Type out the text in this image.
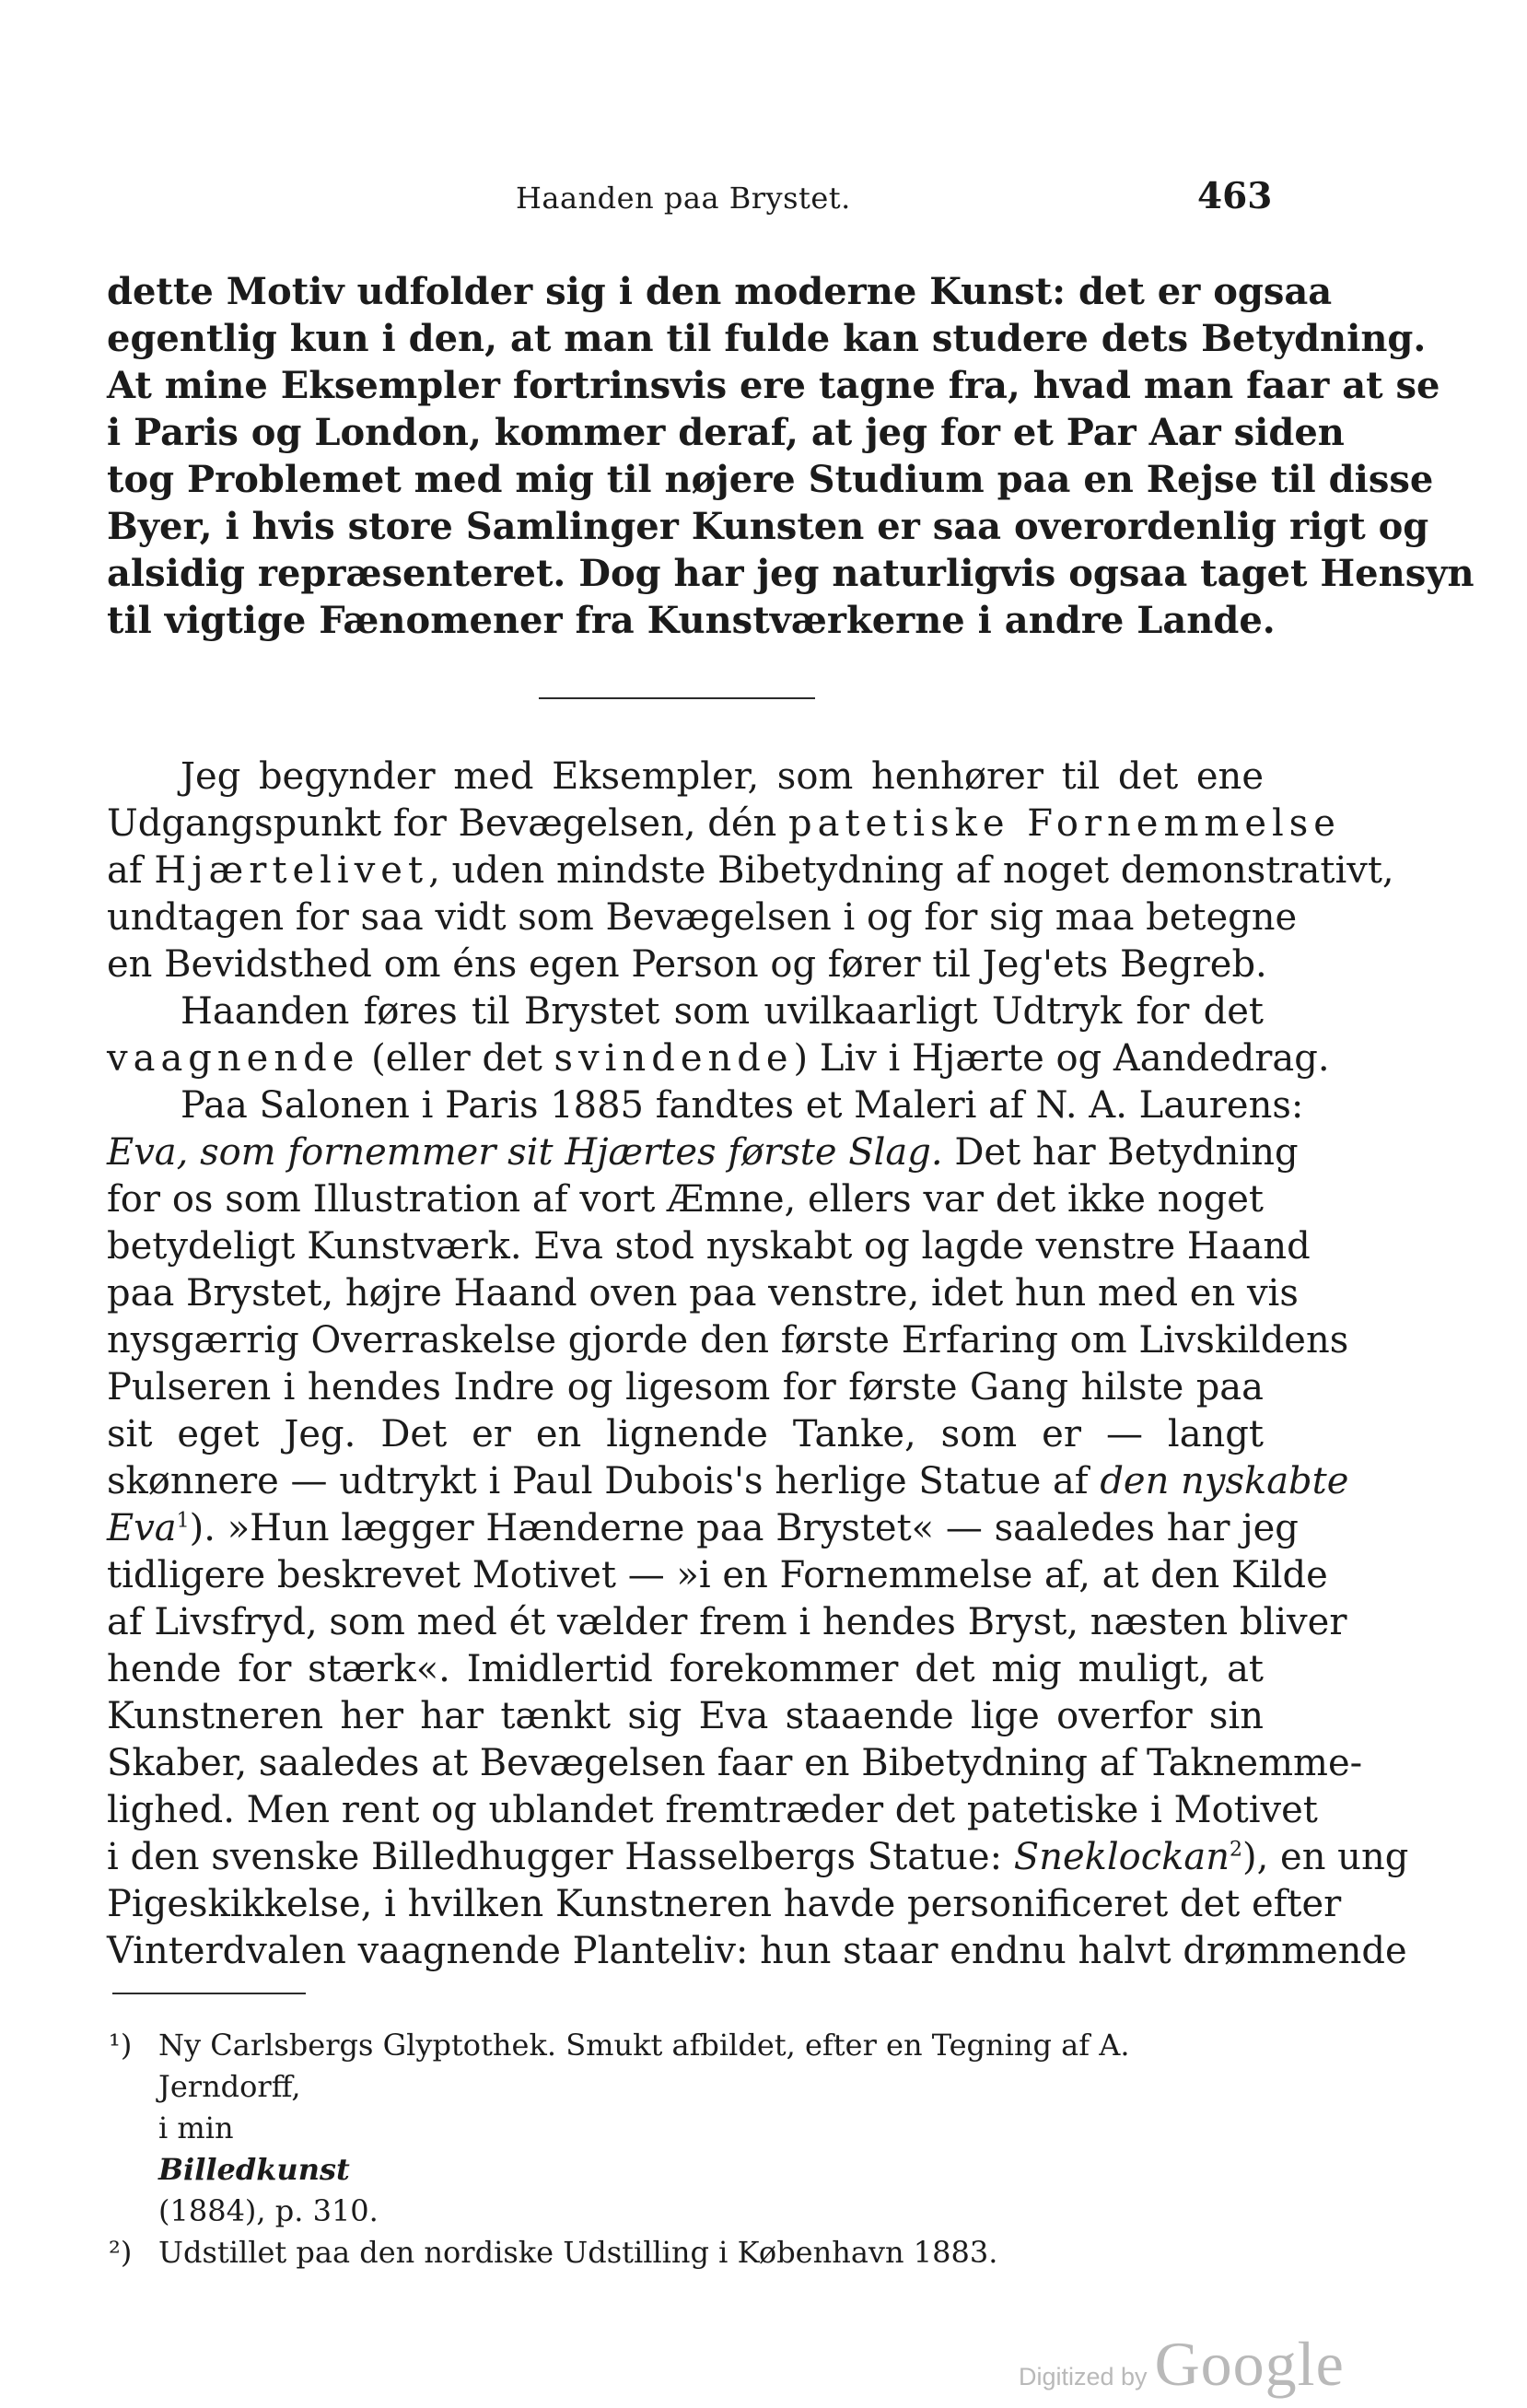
Haanden paa Brystet.	463
dette Motiv udfolder sig i den moderne Kunst: det er ogsaa
egentlig kun i den, at man til fulde kan studere dets Betydning.
At mine Eksempler fortrinsvis ere tagne fra, hvad man faar at se
i Paris og London, kommer deraf, at jeg for et Par Aar siden
tog Problemet med mig til nøjere Studium paa en Rejse til disse
Byer, i hvis store Samlinger Kunsten er saa overordenlig rigt og
alsidig repræsenteret. Dog har jeg naturligvis ogsaa taget Hensyn
til vigtige Fænomener fra Kunstværkerne i andre Lande.
Jeg begynder med Eksempler, som henhører til det ene
Udgangspunkt for Bevægelsen, dén patetiske Fornemmelse
af Hjærtelivet, uden mindste Bibetydning af noget demonstrativt,
undtagen for saa vidt som Bevægelsen i og for sig maa betegne
en Bevidsthed om éns egen Person og fører til Jeg'ets Begreb.
Haanden føres til Brystet som uvilkaarligt Udtryk for det
vaagnende (eller det svindende) Liv i Hjærte og Aandedrag.
Paa Salonen i Paris 1885 fandtes et Maleri af N. A. Laurens:
Eva, som fornemmer sit Hjærtes første Slag. Det har Betydning
for os som Illustration af vort Æmne, ellers var det ikke noget
betydeligt Kunstværk. Eva stod nyskabt og lagde venstre Haand
paa Brystet, højre Haand oven paa venstre, idet hun med en vis
nysgærrig Overraskelse gjorde den første Erfaring om Livskildens
Pulseren i hendes Indre og ligesom for første Gang hilste paa
sit eget Jeg. Det er en lignende Tanke, som er — langt
skønnere — udtrykt i Paul Dubois's herlige Statue af den nyskabte
Eva$^1$). »Hun lægger Hænderne paa Brystet« — saaledes har jeg
tidligere beskrevet Motivet — »i en Fornemmelse af, at den Kilde
af Livsfryd, som med ét vælder frem i hendes Bryst, næsten bliver
hende for stærk«. Imidlertid forekommer det mig muligt, at
Kunstneren her har tænkt sig Eva staaende lige overfor sin
Skaber, saaledes at Bevægelsen faar en Bibetydning af Taknemme-
lighed. Men rent og ublandet fremtræder det patetiske i Motivet
i den svenske Billedhugger Hasselbergs Statue: Sneklockan$^2$), en ung
Pigeskikkelse, i hvilken Kunstneren havde personificeret det efter
Vinterdvalen vaagnende Planteliv: hun staar endnu halvt drømmende
¹) Ny Carlsbergs Glyptothek. Smukt afbildet, efter en Tegning af A. Jerndorff,
i min
Billedkunst
(1884), p. 310.
²) Udstillet paa den nordiske Udstilling i København 1883.
Digitized by Google
